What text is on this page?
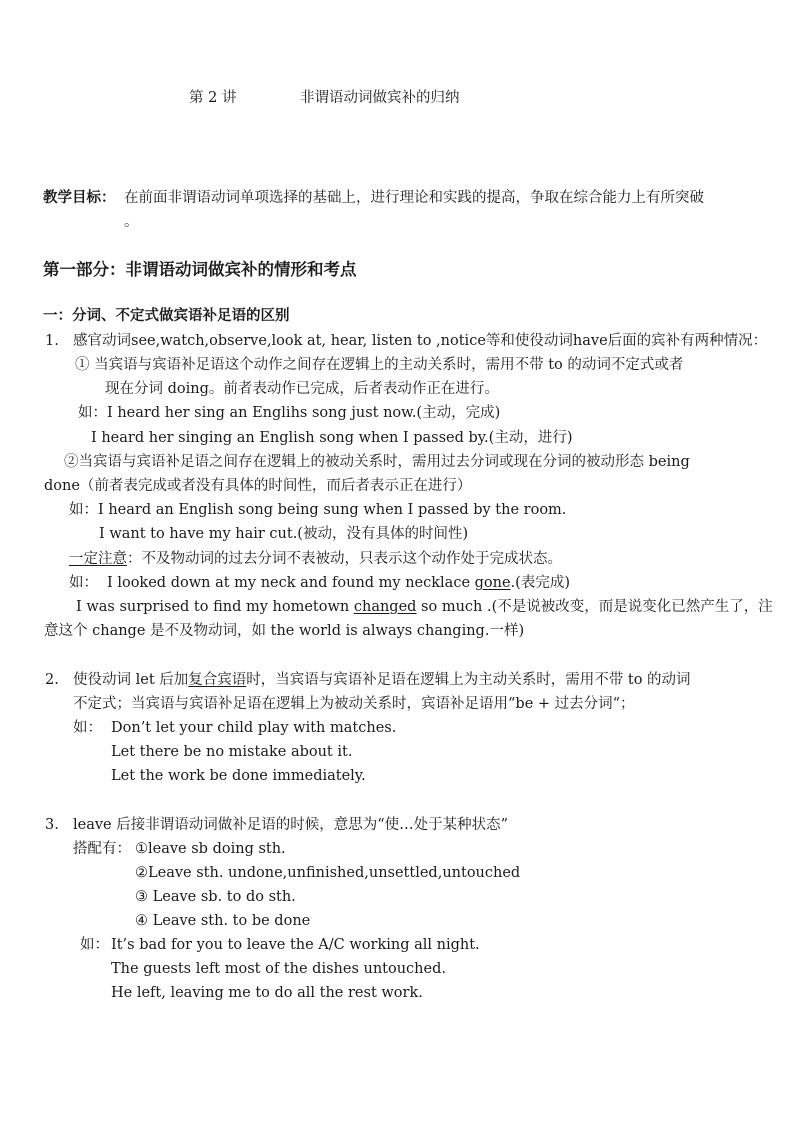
第 2 讲	非谓语动词做宾补的归纳
教学目标： 在前面非谓语动词单项选择的基础上，进行理论和实践的提高，争取在综合能力上有所突破
。
第一部分：非谓语动词做宾补的情形和考点
一：分词、不定式做宾语补足语的区别
1. 感官动词see,watch,observe,look at, hear, listen to ,notice等和使役动词have后面的宾补有两种情况：
① 当宾语与宾语补足语这个动作之间存在逻辑上的主动关系时，需用不带 to 的动词不定式或者
现在分词 doing。前者表动作已完成，后者表动作正在进行。
如： I heard her sing an Englihs song just now.(主动，完成)
I heard her singing an English song when I passed by.(主动，进行)
②当宾语与宾语补足语之间存在逻辑上的被动关系时，需用过去分词或现在分词的被动形态 being
done（前者表完成或者没有具体的时间性，而后者表示正在进行）
如： I heard an English song being sung when I passed by the room.
I want to have my hair cut.(被动，没有具体的时间性)
一定注意：不及物动词的过去分词不表被动，只表示这个动作处于完成状态。
如： I looked down at my neck and found my necklace gone.(表完成)
I was surprised to find my hometown changed so much .(不是说被改变，而是说变化已然产生了，注
意这个 change 是不及物动词，如 the world is always changing.一样)
2. 使役动词 let 后加复合宾语时，当宾语与宾语补足语在逻辑上为主动关系时，需用不带 to 的动词
不定式；当宾语与宾语补足语在逻辑上为被动关系时，宾语补足语用“be + 过去分词“；
如： Don’t let your child play with matches.
Let there be no mistake about it.
Let the work be done immediately.
3. leave 后接非谓语动词做补足语的时候，意思为“使…处于某种状态”
搭配有： ①leave sb doing sth.
②Leave sth. undone,unfinished,unsettled,untouched
③ Leave sb. to do sth.
④ Leave sth. to be done
如： It’s bad for you to leave the A/C working all night.
The guests left most of the dishes untouched.
He left, leaving me to do all the rest work.
